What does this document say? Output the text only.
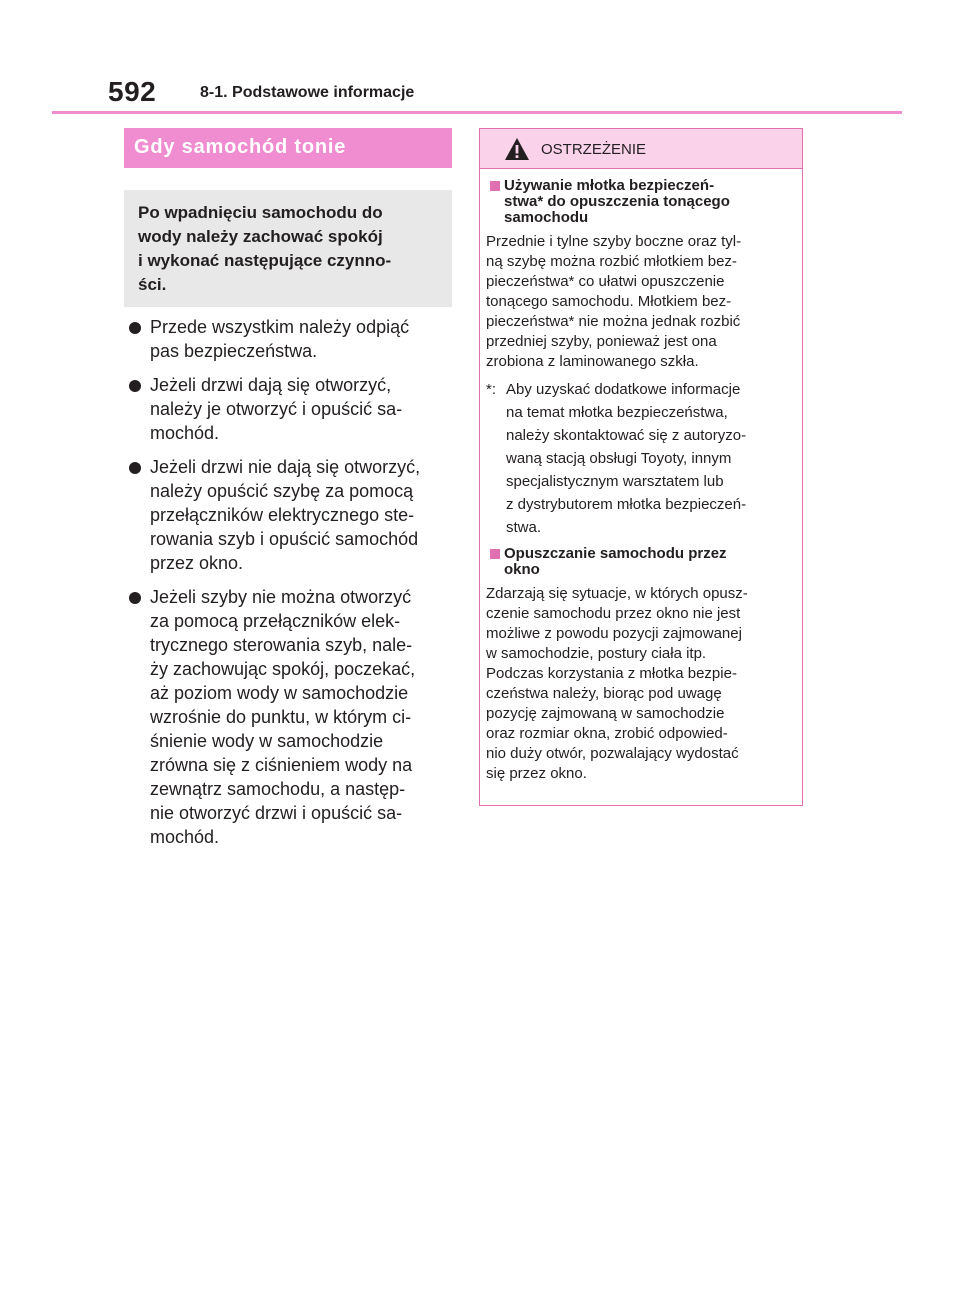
592	8-1. Podstawowe informacje
Gdy samochód tonie
Po wpadnięciu samochodu do
wody należy zachować spokój
i wykonać następujące czynno-
ści.
Przede wszystkim należy odpiąć
pas bezpieczeństwa.
Jeżeli drzwi dają się otworzyć,
należy je otworzyć i opuścić sa-
mochód.
Jeżeli drzwi nie dają się otworzyć,
należy opuścić szybę za pomocą
przełączników elektrycznego ste-
rowania szyb i opuścić samochód
przez okno.
Jeżeli szyby nie można otworzyć
za pomocą przełączników elek-
trycznego sterowania szyb, nale-
ży zachowując spokój, poczekać,
aż poziom wody w samochodzie
wzrośnie do punktu, w którym ci-
śnienie wody w samochodzie
zrówna się z ciśnieniem wody na
zewnątrz samochodu, a następ-
nie otworzyć drzwi i opuścić sa-
mochód.
OSTRZEŻENIE
Używanie młotka bezpieczeń-
stwa* do opuszczenia tonącego
samochodu
Przednie i tylne szyby boczne oraz tyl-
ną szybę można rozbić młotkiem bez-
pieczeństwa* co ułatwi opuszczenie
tonącego samochodu. Młotkiem bez-
pieczeństwa* nie można jednak rozbić
przedniej szyby, ponieważ jest ona
zrobiona z laminowanego szkła.
*: Aby uzyskać dodatkowe informacje
na temat młotka bezpieczeństwa,
należy skontaktować się z autoryzo-
waną stacją obsługi Toyoty, innym
specjalistycznym warsztatem lub
z dystrybutorem młotka bezpieczeń-
stwa.
Opuszczanie samochodu przez
okno
Zdarzają się sytuacje, w których opusz-
czenie samochodu przez okno nie jest
możliwe z powodu pozycji zajmowanej
w samochodzie, postury ciała itp.
Podczas korzystania z młotka bezpie-
czeństwa należy, biorąc pod uwagę
pozycję zajmowaną w samochodzie
oraz rozmiar okna, zrobić odpowied-
nio duży otwór, pozwalający wydostać
się przez okno.
